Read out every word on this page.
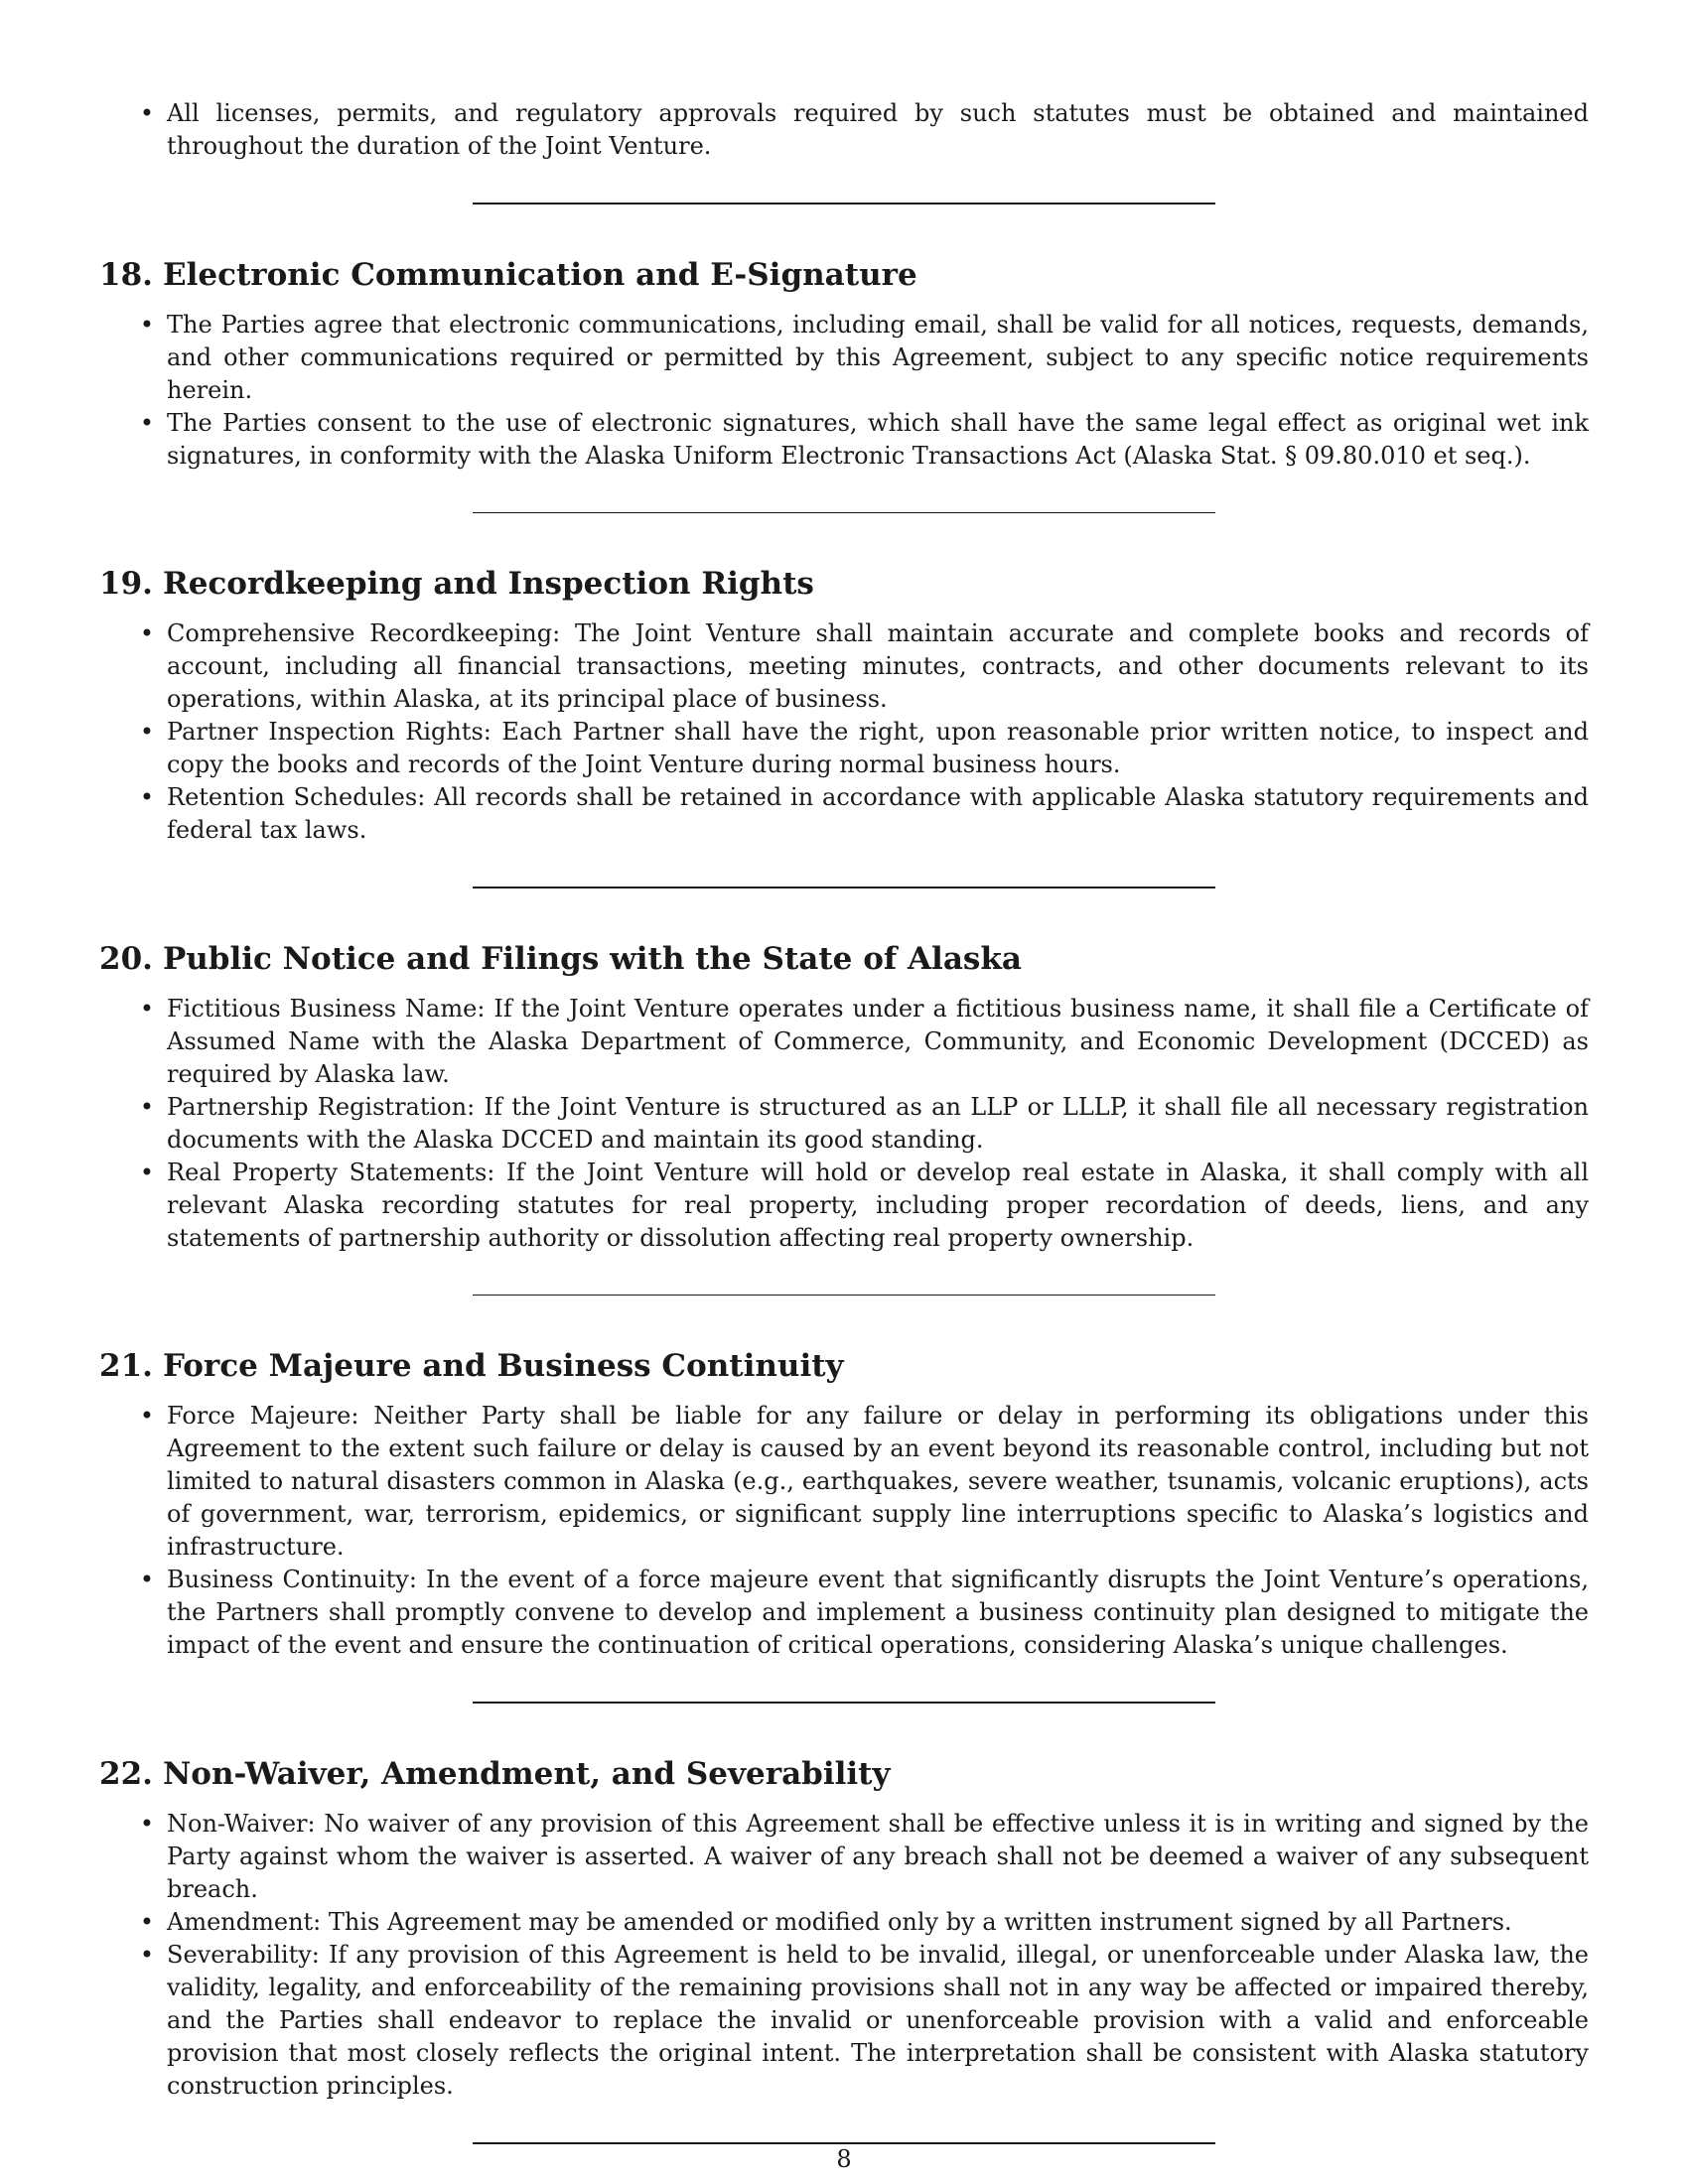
• All licenses, permits, and regulatory approvals required by such statutes must be obtained and maintained throughout the duration of the Joint Venture.
18. Electronic Communication and E-Signature
• The Parties agree that electronic communications, including email, shall be valid for all notices, requests, demands, and other communications required or permitted by this Agreement, subject to any specific notice requirements herein.
• The Parties consent to the use of electronic signatures, which shall have the same legal effect as original wet ink signatures, in conformity with the Alaska Uniform Electronic Transactions Act (Alaska Stat. § 09.80.010 et seq.).
19. Recordkeeping and Inspection Rights
• Comprehensive Recordkeeping: The Joint Venture shall maintain accurate and complete books and records of account, including all financial transactions, meeting minutes, contracts, and other documents relevant to its operations, within Alaska, at its principal place of business.
• Partner Inspection Rights: Each Partner shall have the right, upon reasonable prior written notice, to inspect and copy the books and records of the Joint Venture during normal business hours.
• Retention Schedules: All records shall be retained in accordance with applicable Alaska statutory requirements and federal tax laws.
20. Public Notice and Filings with the State of Alaska
• Fictitious Business Name: If the Joint Venture operates under a fictitious business name, it shall file a Certificate of Assumed Name with the Alaska Department of Commerce, Community, and Economic Development (DCCED) as required by Alaska law.
• Partnership Registration: If the Joint Venture is structured as an LLP or LLLP, it shall file all necessary registration documents with the Alaska DCCED and maintain its good standing.
• Real Property Statements: If the Joint Venture will hold or develop real estate in Alaska, it shall comply with all relevant Alaska recording statutes for real property, including proper recordation of deeds, liens, and any statements of partnership authority or dissolution affecting real property ownership.
21. Force Majeure and Business Continuity
• Force Majeure: Neither Party shall be liable for any failure or delay in performing its obligations under this Agreement to the extent such failure or delay is caused by an event beyond its reasonable control, including but not limited to natural disasters common in Alaska (e.g., earthquakes, severe weather, tsunamis, volcanic eruptions), acts of government, war, terrorism, epidemics, or significant supply line interruptions specific to Alaska’s logistics and infrastructure.
• Business Continuity: In the event of a force majeure event that significantly disrupts the Joint Venture’s operations, the Partners shall promptly convene to develop and implement a business continuity plan designed to mitigate the impact of the event and ensure the continuation of critical operations, considering Alaska’s unique challenges.
22. Non-Waiver, Amendment, and Severability
• Non-Waiver: No waiver of any provision of this Agreement shall be effective unless it is in writing and signed by the Party against whom the waiver is asserted. A waiver of any breach shall not be deemed a waiver of any subsequent breach.
• Amendment: This Agreement may be amended or modified only by a written instrument signed by all Partners.
• Severability: If any provision of this Agreement is held to be invalid, illegal, or unenforceable under Alaska law, the validity, legality, and enforceability of the remaining provisions shall not in any way be affected or impaired thereby, and the Parties shall endeavor to replace the invalid or unenforceable provision with a valid and enforceable provision that most closely reflects the original intent. The interpretation shall be consistent with Alaska statutory construction principles.
8
